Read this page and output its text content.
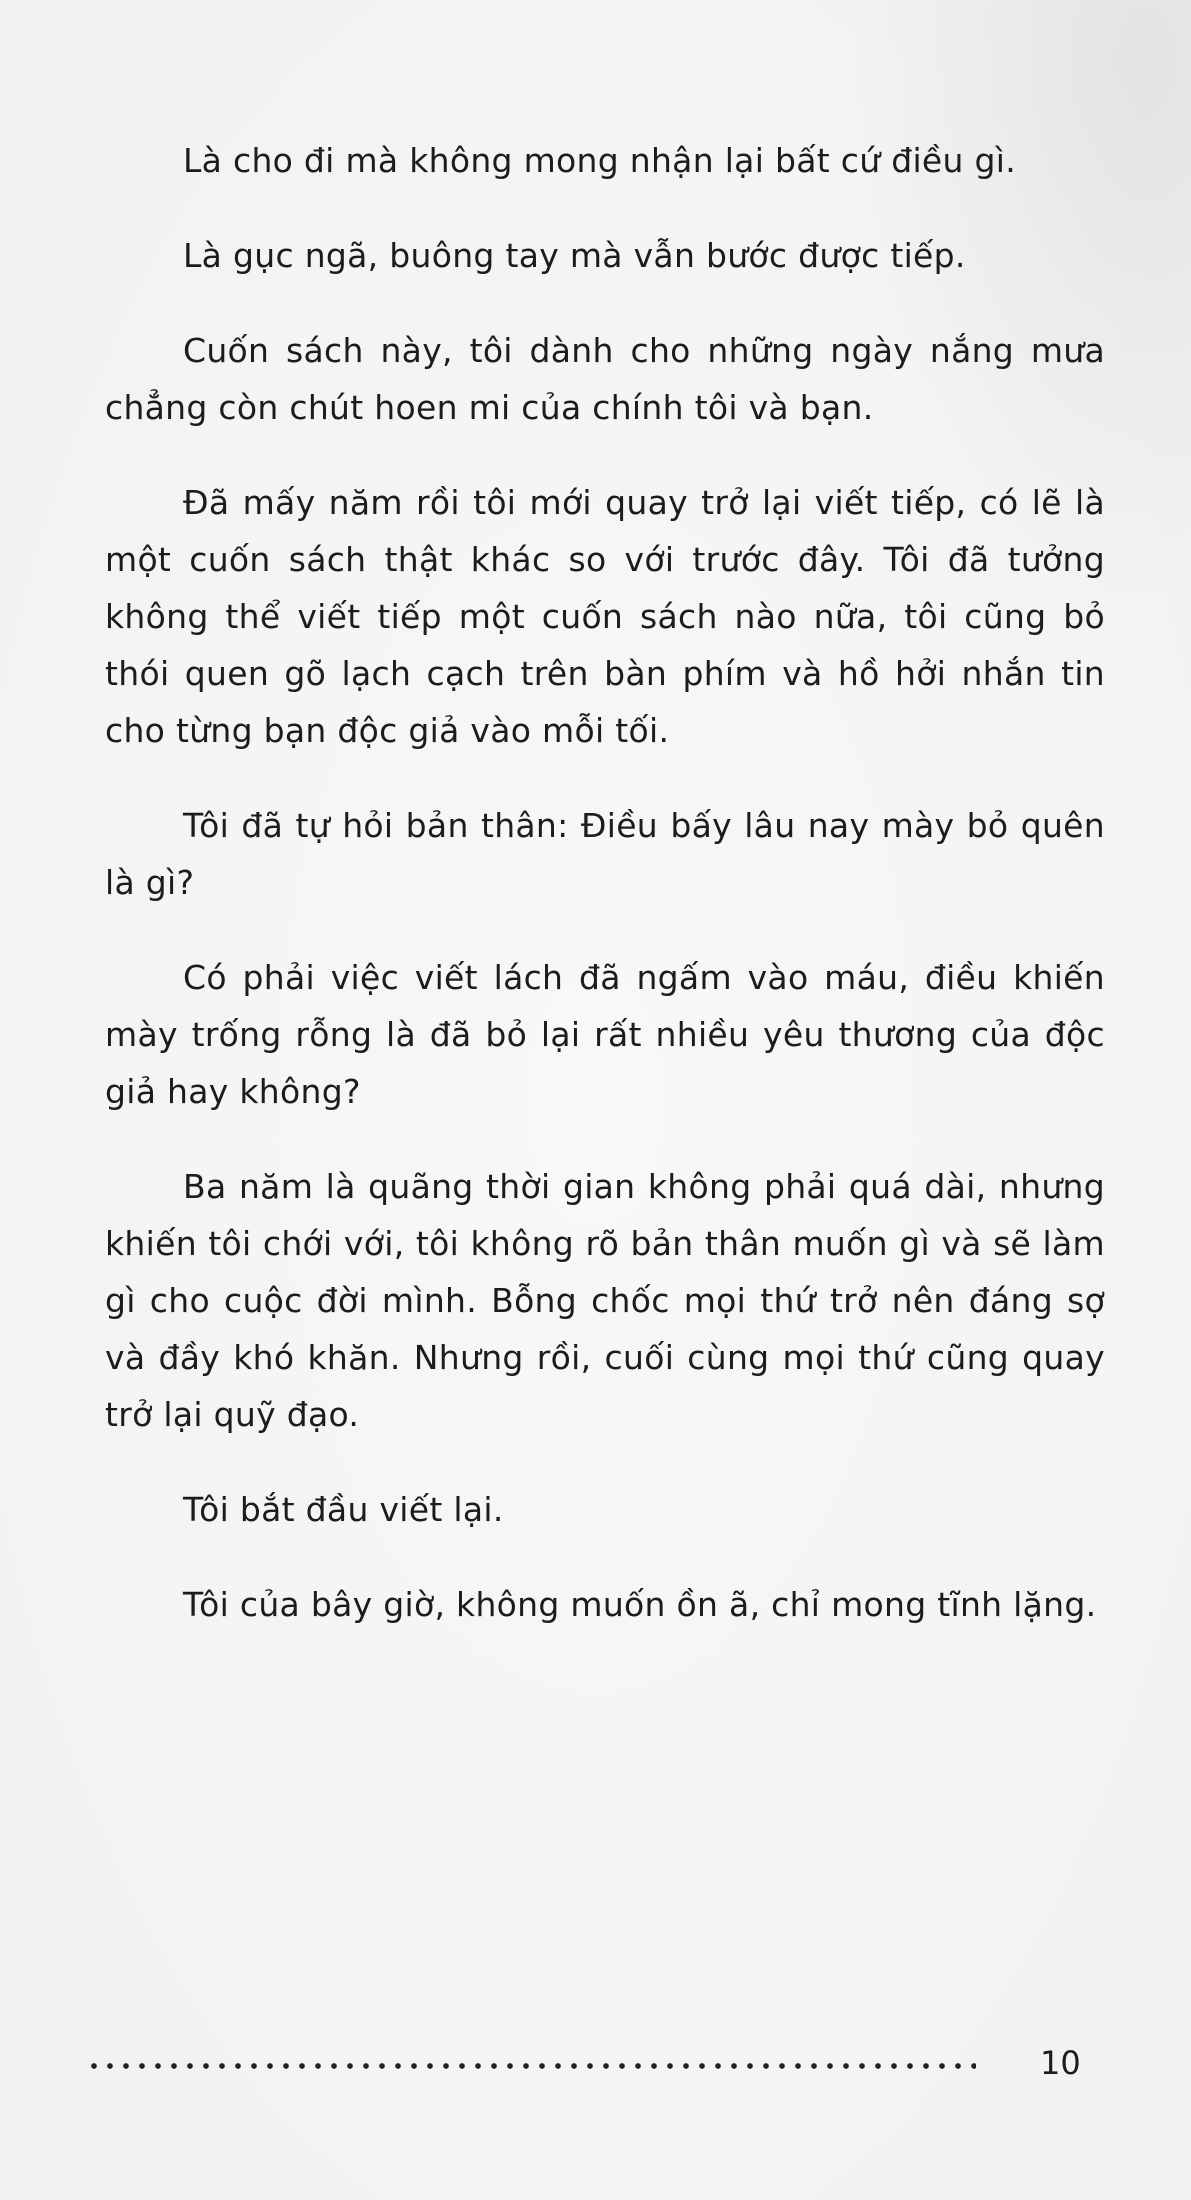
Là cho đi mà không mong nhận lại bất cứ điều gì.

Là gục ngã, buông tay mà vẫn bước được tiếp.

Cuốn sách này, tôi dành cho những ngày nắng mưa chẳng còn chút hoen mi của chính tôi và bạn.

Đã mấy năm rồi tôi mới quay trở lại viết tiếp, có lẽ là một cuốn sách thật khác so với trước đây. Tôi đã tưởng không thể viết tiếp một cuốn sách nào nữa, tôi cũng bỏ thói quen gõ lạch cạch trên bàn phím và hồ hởi nhắn tin cho từng bạn độc giả vào mỗi tối.

Tôi đã tự hỏi bản thân: Điều bấy lâu nay mày bỏ quên là gì?

Có phải việc viết lách đã ngấm vào máu, điều khiến mày trống rỗng là đã bỏ lại rất nhiều yêu thương của độc giả hay không?

Ba năm là quãng thời gian không phải quá dài, nhưng khiến tôi chới với, tôi không rõ bản thân muốn gì và sẽ làm gì cho cuộc đời mình. Bỗng chốc mọi thứ trở nên đáng sợ và đầy khó khăn. Nhưng rồi, cuối cùng mọi thứ cũng quay trở lại quỹ đạo.

Tôi bắt đầu viết lại.

Tôi của bây giờ, không muốn ồn ã, chỉ mong tĩnh lặng.

10
